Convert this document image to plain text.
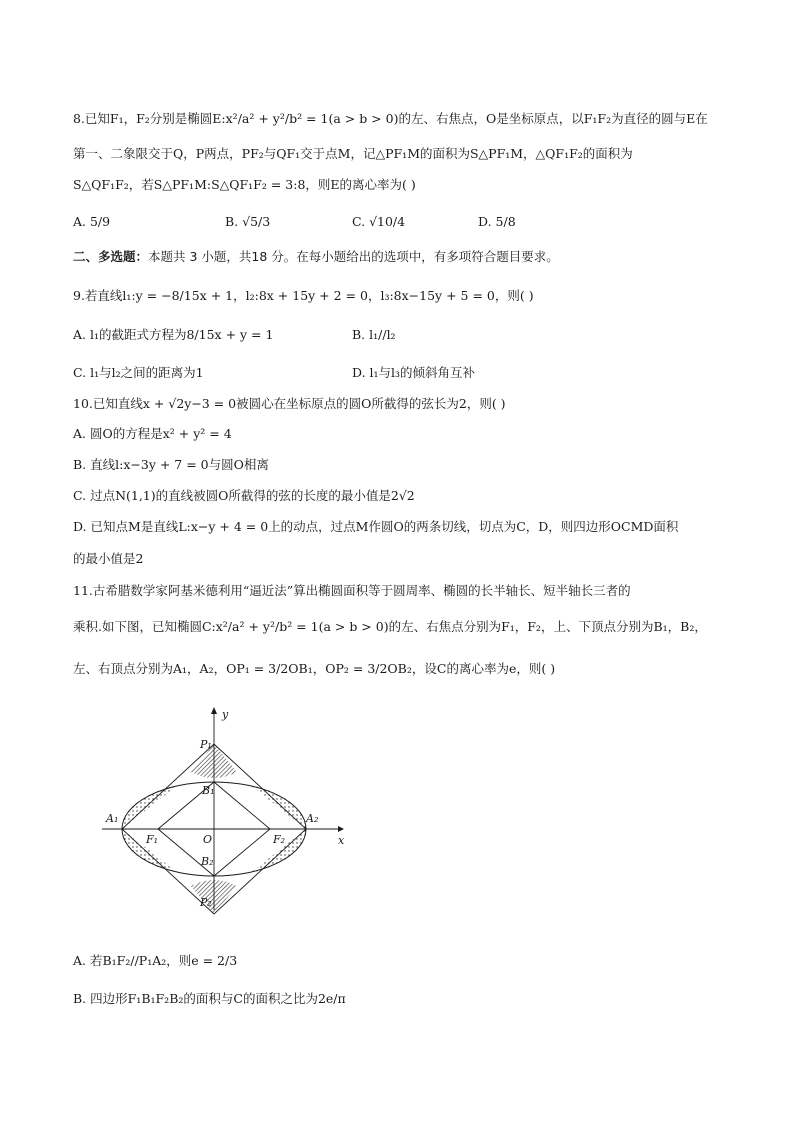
8.已知F₁，F₂分别是椭圆E:x²/a² + y²/b² = 1(a > b > 0)的左、右焦点，O是坐标原点，以F₁F₂为直径的圆与E在
第一、二象限交于Q，P两点，PF₂与QF₁交于点M，记△PF₁M的面积为S△PF₁M，△QF₁F₂的面积为
S△QF₁F₂，若S△PF₁M:S△QF₁F₂ = 3:8，则E的离心率为( )
A. 5/9	B. √5/3	C. √10/4	D. 5/8
二、多选题：本题共 3 小题，共18 分。在每小题给出的选项中，有多项符合题目要求。
9.若直线l₁:y = −8/15x + 1，l₂:8x + 15y + 2 = 0，l₃:8x−15y + 5 = 0，则( )
A. l₁的截距式方程为8/15x + y = 1	B. l₁//l₂
C. l₁与l₂之间的距离为1	D. l₁与l₃的倾斜角互补
10.已知直线x + √2y−3 = 0被圆心在坐标原点的圆O所截得的弦长为2，则( )
A. 圆O的方程是x² + y² = 4
B. 直线l:x−3y + 7 = 0与圆O相离
C. 过点N(1,1)的直线被圆O所截得的弦的长度的最小值是2√2
D. 已知点M是直线L:x−y + 4 = 0上的动点，过点M作圆O的两条切线，切点为C，D，则四边形OCMD面积
的最小值是2
11.古希腊数学家阿基米德利用“逼近法”算出椭圆面积等于圆周率、椭圆的长半轴长、短半轴长三者的
乘积.如下图，已知椭圆C:x²/a² + y²/b² = 1(a > b > 0)的左、右焦点分别为F₁，F₂，上、下顶点分别为B₁，B₂，
左、右顶点分别为A₁，A₂，OP₁ = 3/2OB₁，OP₂ = 3/2OB₂，设C的离心率为e，则( )
y
x
P₁
P₂
A₁	A₂
B₁
B₂
F₁	F₂
O
A. 若B₁F₂//P₁A₂，则e = 2/3
B. 四边形F₁B₁F₂B₂的面积与C的面积之比为2e/π
